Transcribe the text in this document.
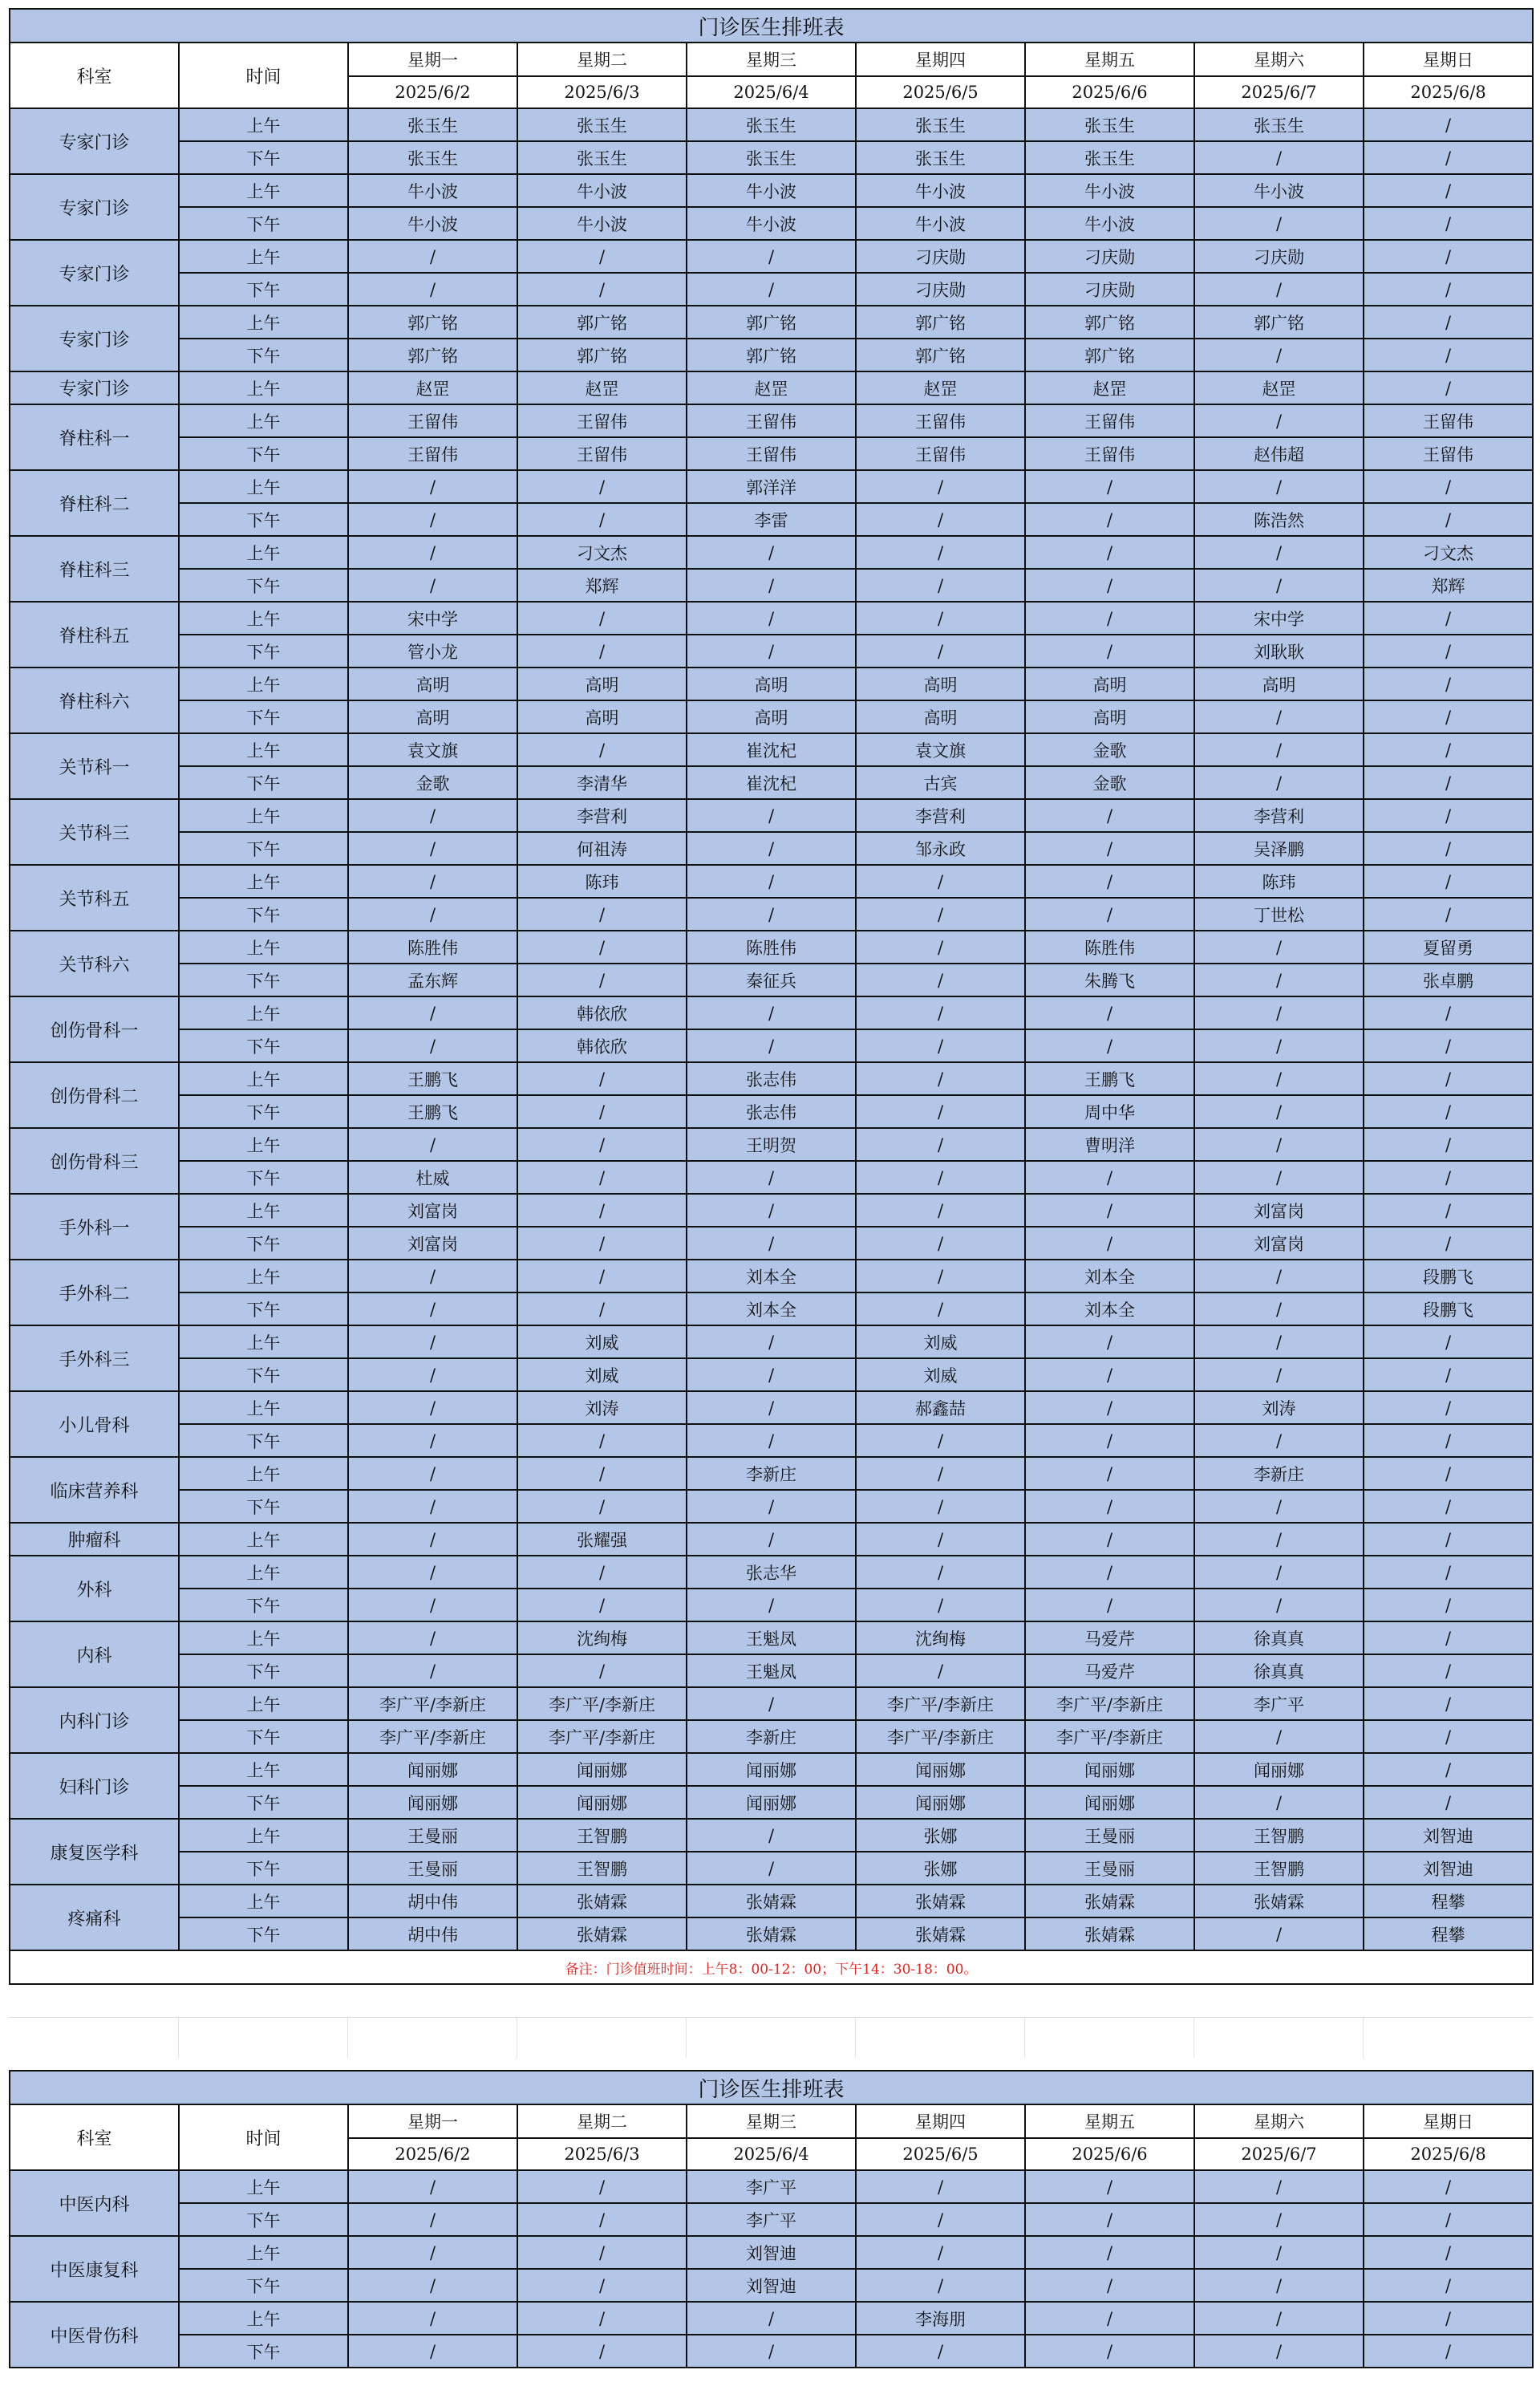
门诊医生排班表								
科室	时间	星期一	星期二	星期三	星期四	星期五	星期六	星期日
		2025/6/2	2025/6/3	2025/6/4	2025/6/5	2025/6/6	2025/6/7	2025/6/8
专家门诊	上午	张玉生	张玉生	张玉生	张玉生	张玉生	张玉生	/
	下午	张玉生	张玉生	张玉生	张玉生	张玉生	/	/
专家门诊	上午	牛小波	牛小波	牛小波	牛小波	牛小波	牛小波	/
	下午	牛小波	牛小波	牛小波	牛小波	牛小波	/	/
专家门诊	上午	/	/	/	刁庆勋	刁庆勋	刁庆勋	/
	下午	/	/	/	刁庆勋	刁庆勋	/	/
专家门诊	上午	郭广铭	郭广铭	郭广铭	郭广铭	郭广铭	郭广铭	/
	下午	郭广铭	郭广铭	郭广铭	郭广铭	郭广铭	/	/
专家门诊	上午	赵罡	赵罡	赵罡	赵罡	赵罡	赵罡	/
脊柱科一	上午	王留伟	王留伟	王留伟	王留伟	王留伟	/	王留伟
	下午	王留伟	王留伟	王留伟	王留伟	王留伟	赵伟超	王留伟
脊柱科二	上午	/	/	郭洋洋	/	/	/	/
	下午	/	/	李雷	/	/	陈浩然	/
脊柱科三	上午	/	刁文杰	/	/	/	/	刁文杰
	下午	/	郑辉	/	/	/	/	郑辉
脊柱科五	上午	宋中学	/	/	/	/	宋中学	/
	下午	管小龙	/	/	/	/	刘耿耿	/
脊柱科六	上午	高明	高明	高明	高明	高明	高明	/
	下午	高明	高明	高明	高明	高明	/	/
关节科一	上午	袁文旗	/	崔沈杞	袁文旗	金歌	/	/
	下午	金歌	李清华	崔沈杞	古宾	金歌	/	/
关节科三	上午	/	李营利	/	李营利	/	李营利	/
	下午	/	何祖涛	/	邹永政	/	吴泽鹏	/
关节科五	上午	/	陈玮	/	/	/	陈玮	/
	下午	/	/	/	/	/	丁世松	/
关节科六	上午	陈胜伟	/	陈胜伟	/	陈胜伟	/	夏留勇
	下午	孟东辉	/	秦征兵	/	朱腾飞	/	张卓鹏
创伤骨科一	上午	/	韩依欣	/	/	/	/	/
	下午	/	韩依欣	/	/	/	/	/
创伤骨科二	上午	王鹏飞	/	张志伟	/	王鹏飞	/	/
	下午	王鹏飞	/	张志伟	/	周中华	/	/
创伤骨科三	上午	/	/	王明贺	/	曹明洋	/	/
	下午	杜威	/	/	/	/	/	/
手外科一	上午	刘富岗	/	/	/	/	刘富岗	/
	下午	刘富岗	/	/	/	/	刘富岗	/
手外科二	上午	/	/	刘本全	/	刘本全	/	段鹏飞
	下午	/	/	刘本全	/	刘本全	/	段鹏飞
手外科三	上午	/	刘威	/	刘威	/	/	/
	下午	/	刘威	/	刘威	/	/	/
小儿骨科	上午	/	刘涛	/	郝鑫喆	/	刘涛	/
	下午	/	/	/	/	/	/	/
临床营养科	上午	/	/	李新庄	/	/	李新庄	/
	下午	/	/	/	/	/	/	/
肿瘤科	上午	/	张耀强	/	/	/	/	/
外科	上午	/	/	张志华	/	/	/	/
	下午	/	/	/	/	/	/	/
内科	上午	/	沈绚梅	王魁凤	沈绚梅	马爱芹	徐真真	/
	下午	/	/	王魁凤	/	马爱芹	徐真真	/
内科门诊	上午	李广平/李新庄	李广平/李新庄	/	李广平/李新庄	李广平/李新庄	李广平	/
	下午	李广平/李新庄	李广平/李新庄	李新庄	李广平/李新庄	李广平/李新庄	/	/
妇科门诊	上午	闻丽娜	闻丽娜	闻丽娜	闻丽娜	闻丽娜	闻丽娜	/
	下午	闻丽娜	闻丽娜	闻丽娜	闻丽娜	闻丽娜	/	/
康复医学科	上午	王曼丽	王智鹏	/	张娜	王曼丽	王智鹏	刘智迪
	下午	王曼丽	王智鹏	/	张娜	王曼丽	王智鹏	刘智迪
疼痛科	上午	胡中伟	张婧霖	张婧霖	张婧霖	张婧霖	张婧霖	程攀
	下午	胡中伟	张婧霖	张婧霖	张婧霖	张婧霖	/	程攀
备注：门诊值班时间：上午8：00-12：00；下午14：30-18：00。								
门诊医生排班表								
科室	时间	星期一	星期二	星期三	星期四	星期五	星期六	星期日
		2025/6/2	2025/6/3	2025/6/4	2025/6/5	2025/6/6	2025/6/7	2025/6/8
中医内科	上午	/	/	李广平	/	/	/	/
	下午	/	/	李广平	/	/	/	/
中医康复科	上午	/	/	刘智迪	/	/	/	/
	下午	/	/	刘智迪	/	/	/	/
中医骨伤科	上午	/	/	/	李海朋	/	/	/
	下午	/	/	/	/	/	/	/
